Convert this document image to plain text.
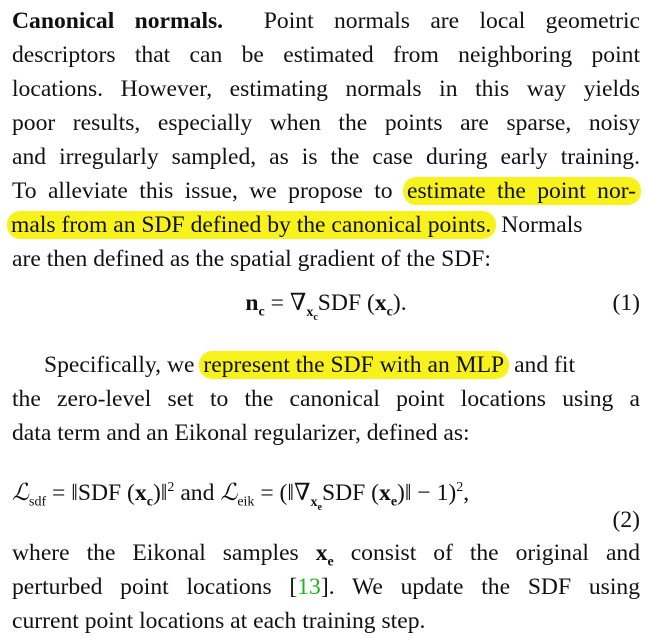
Canonical normals. Point normals are local geometric
descriptors that can be estimated from neighboring point
locations. However, estimating normals in this way yields
poor results, especially when the points are sparse, noisy
and irregularly sampled, as is the case during early training.
To alleviate this issue, we propose to estimate the point nor-
mals from an SDF defined by the canonical points. Normals
are then defined as the spatial gradient of the SDF:
$n_c = \nabla_{x_c}SDF$ $(x_c)$.	(1)
Specifically, we represent the SDF with an MLP and fit
the zero-level set to the canonical point locations using a
data term and an Eikonal regularizer, defined as:
ℒ$_{sdf}$ = ‖SDF $(x_c)‖^2$ and ℒ$_{eik}$ = ($‖\nabla_{x_e}SDF$ $(x_e)‖ - 1)^2$,
(2)
where the Eikonal samples $x_e$ consist of the original and
perturbed point locations [13]. We update the SDF using
current point locations at each training step.
